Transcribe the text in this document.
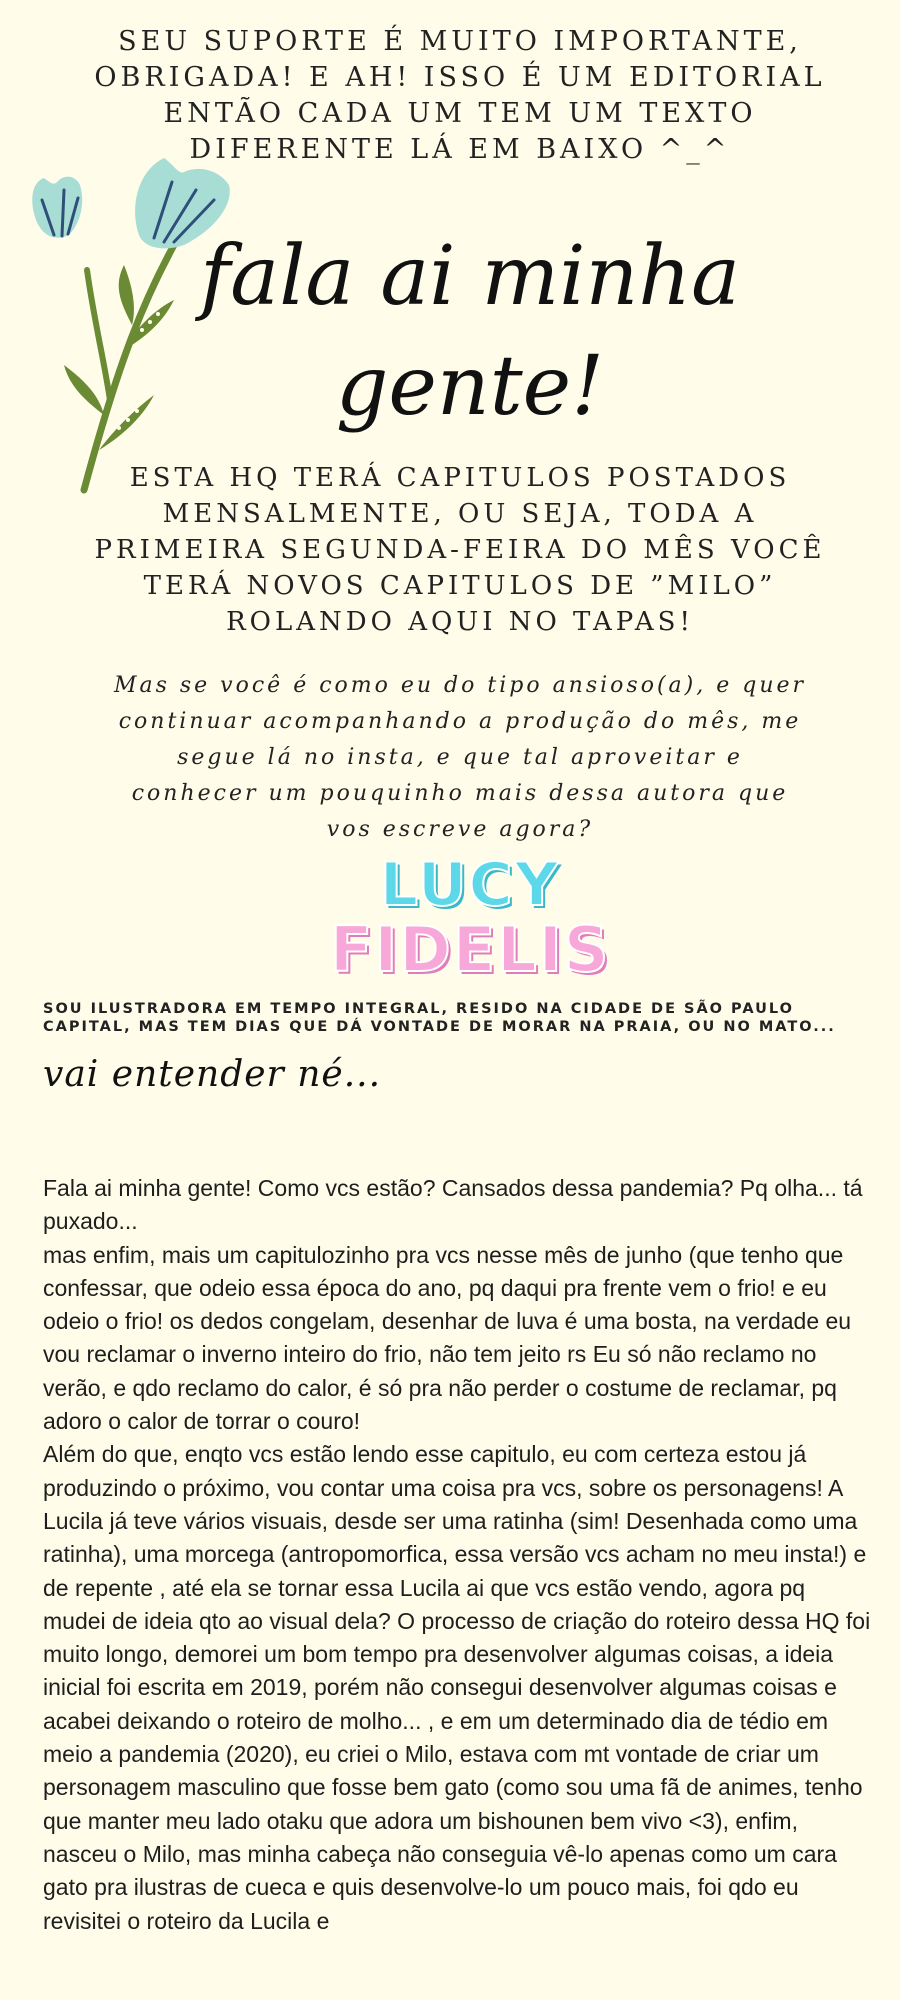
SEU SUPORTE É MUITO IMPORTANTE, OBRIGADA! E AH! ISSO É UM EDITORIAL ENTÃO CADA UM TEM UM TEXTO DIFERENTE LÁ EM BAIXO ^_^
fala ai minha gente!
ESTA HQ TERÁ CAPITULOS POSTADOS MENSALMENTE, OU SEJA, TODA A PRIMEIRA SEGUNDA-FEIRA DO MÊS VOCÊ TERÁ NOVOS CAPITULOS DE ”MILO” ROLANDO AQUI NO TAPAS!
Mas se você é como eu do tipo ansioso(a), e quer continuar acompanhando a produção do mês, me segue lá no insta, e que tal aproveitar e conhecer um pouquinho mais dessa autora que vos escreve agora?
LUCY
FIDELIS
SOU ILUSTRADORA EM TEMPO INTEGRAL, RESIDO NA CIDADE DE SÃO PAULO CAPITAL, MAS TEM DIAS QUE DÁ VONTADE DE MORAR NA PRAIA, OU NO MATO...
vai entender né...

Fala ai minha gente! Como vcs estão? Cansados dessa pandemia? Pq olha... tá puxado...

mas enfim, mais um capitulozinho pra vcs nesse mês de junho (que tenho que confessar, que odeio essa época do ano, pq daqui pra frente vem o frio! e eu odeio o frio! os dedos congelam, desenhar de luva é uma bosta, na verdade eu vou reclamar o inverno inteiro do frio, não tem jeito rs Eu só não reclamo no verão, e qdo reclamo do calor, é só pra não perder o costume de reclamar, pq adoro o calor de torrar o couro!

Além do que, enqto vcs estão lendo esse capitulo, eu com certeza estou já produzindo o próximo, vou contar uma coisa pra vcs, sobre os personagens! A Lucila já teve vários visuais, desde ser uma ratinha (sim! Desenhada como uma ratinha), uma morcega (antropomorfica, essa versão vcs acham no meu insta!) e de repente , até ela se tornar essa Lucila ai que vcs estão vendo, agora pq mudei de ideia qto ao visual dela? O processo de criação do roteiro dessa HQ foi muito longo, demorei um bom tempo pra desenvolver algumas coisas, a ideia inicial foi escrita em 2019, porém não consegui desenvolver algumas coisas e acabei deixando o roteiro de molho... , e em um determinado dia de tédio em meio a pandemia (2020), eu criei o Milo, estava com mt vontade de criar um personagem masculino que fosse bem gato (como sou uma fã de animes, tenho que manter meu lado otaku que adora um bishounen bem vivo <3), enfim, nasceu o Milo, mas minha cabeça não conseguia vê-lo apenas como um cara gato pra ilustras de cueca e quis desenvolve-lo um pouco mais, foi qdo eu revisitei o roteiro da Lucila e
